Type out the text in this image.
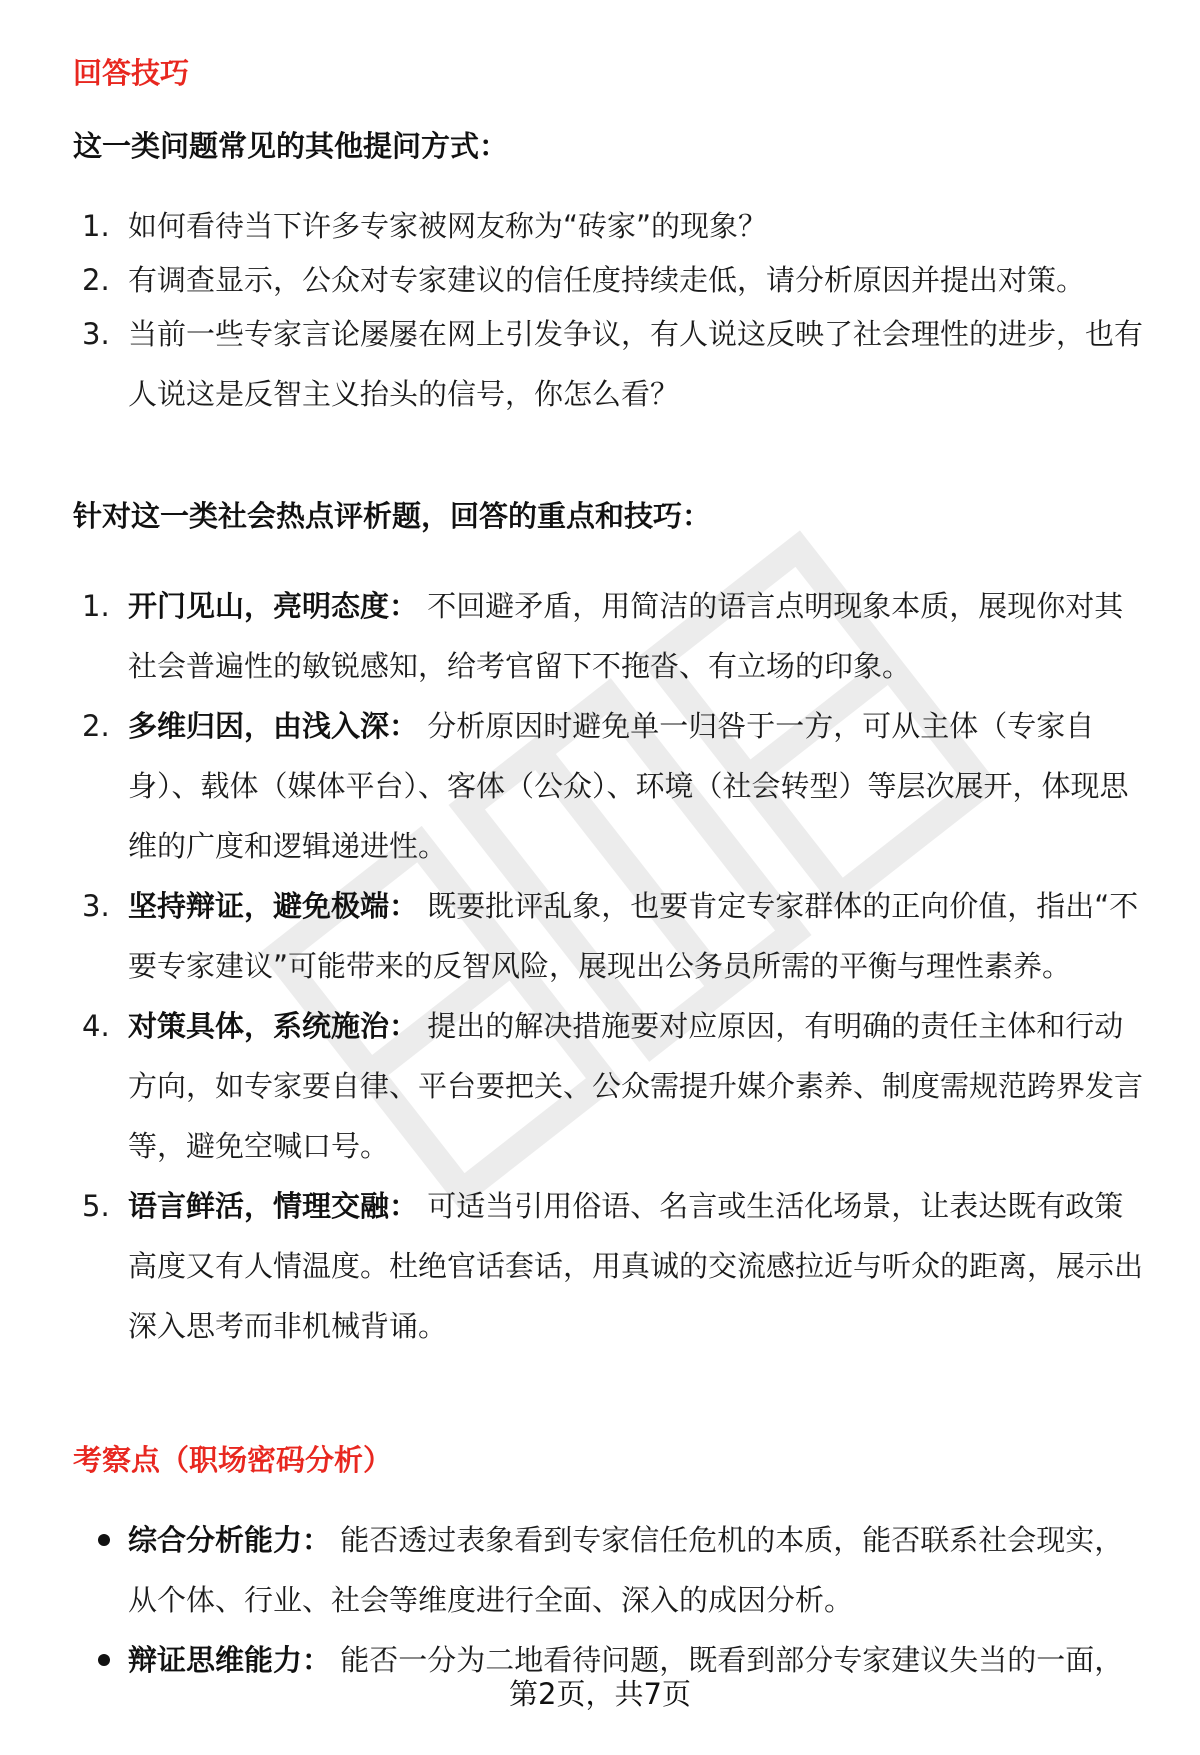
回答技巧
这一类问题常见的其他提问方式：
1. 如何看待当下许多专家被网友称为“砖家”的现象？
2. 有调查显示，公众对专家建议的信任度持续走低，请分析原因并提出对策。
3. 当前一些专家言论屡屡在网上引发争议，有人说这反映了社会理性的进步，也有人说这是反智主义抬头的信号，你怎么看？
针对这一类社会热点评析题，回答的重点和技巧：
1. 开门见山，亮明态度： 不回避矛盾，用简洁的语言点明现象本质，展现你对其社会普遍性的敏锐感知，给考官留下不拖沓、有立场的印象。
2. 多维归因，由浅入深： 分析原因时避免单一归咎于一方，可从主体（专家自身）、载体（媒体平台）、客体（公众）、环境（社会转型）等层次展开，体现思维的广度和逻辑递进性。
3. 坚持辩证，避免极端： 既要批评乱象，也要肯定专家群体的正向价值，指出“不要专家建议”可能带来的反智风险，展现出公务员所需的平衡与理性素养。
4. 对策具体，系统施治： 提出的解决措施要对应原因，有明确的责任主体和行动方向，如专家要自律、平台要把关、公众需提升媒介素养、制度需规范跨界发言等，避免空喊口号。
5. 语言鲜活，情理交融： 可适当引用俗语、名言或生活化场景，让表达既有政策高度又有人情温度。杜绝官话套话，用真诚的交流感拉近与听众的距离，展示出深入思考而非机械背诵。
考察点（职场密码分析）
综合分析能力： 能否透过表象看到专家信任危机的本质，能否联系社会现实，从个体、行业、社会等维度进行全面、深入的成因分析。
辩证思维能力： 能否一分为二地看待问题，既看到部分专家建议失当的一面，
第2页，共7页
